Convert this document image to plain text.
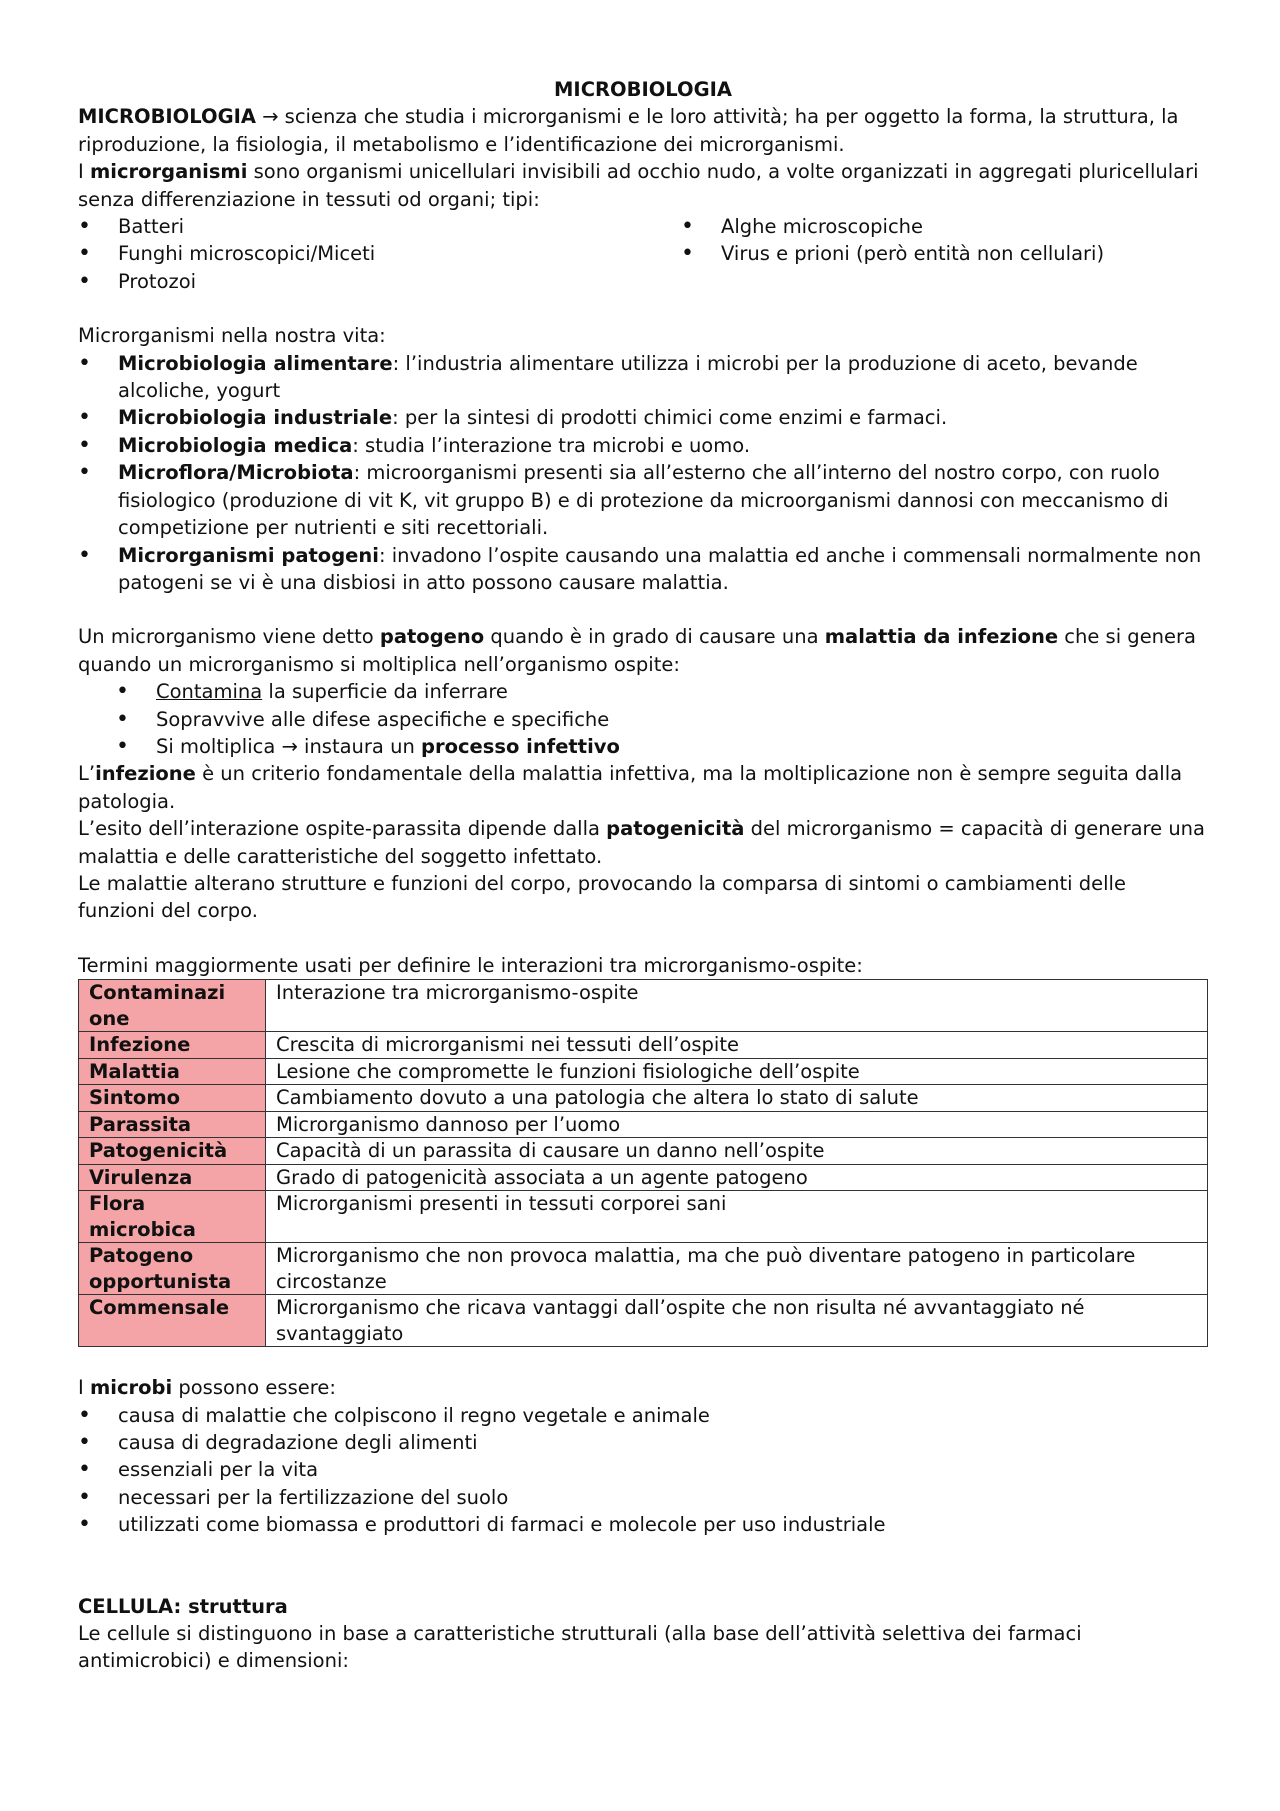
MICROBIOLOGIA

MICROBIOLOGIA → scienza che studia i microrganismi e le loro attività; ha per oggetto la forma, la struttura, la riproduzione, la fisiologia, il metabolismo e l’identificazione dei microrganismi.

I microrganismi sono organismi unicellulari invisibili ad occhio nudo, a volte organizzati in aggregati pluricellulari senza differenziazione in tessuti od organi; tipi:

• Batteri
• Funghi microscopici/Miceti
• Protozoi
• Alghe microscopiche
• Virus e prioni (però entità non cellulari)

Microrganismi nella nostra vita:

• Microbiologia alimentare: l’industria alimentare utilizza i microbi per la produzione di aceto, bevande alcoliche, yogurt
• Microbiologia industriale: per la sintesi di prodotti chimici come enzimi e farmaci.
• Microbiologia medica: studia l’interazione tra microbi e uomo.
• Microflora/Microbiota: microorganismi presenti sia all’esterno che all’interno del nostro corpo, con ruolo fisiologico (produzione di vit K, vit gruppo B) e di protezione da microorganismi dannosi con meccanismo di competizione per nutrienti e siti recettoriali.
• Microrganismi patogeni: invadono l’ospite causando una malattia ed anche i commensali normalmente non patogeni se vi è una disbiosi in atto possono causare malattia.

Un microrganismo viene detto patogeno quando è in grado di causare una malattia da infezione che si genera quando un microrganismo si moltiplica nell’organismo ospite:

• Contamina la superficie da inferrare
• Sopravvive alle difese aspecifiche e specifiche
• Si moltiplica → instaura un processo infettivo

L’infezione è un criterio fondamentale della malattia infettiva, ma la moltiplicazione non è sempre seguita dalla patologia.

L’esito dell’interazione ospite-parassita dipende dalla patogenicità del microrganismo = capacità di generare una malattia e delle caratteristiche del soggetto infettato.

Le malattie alterano strutture e funzioni del corpo, provocando la comparsa di sintomi o cambiamenti delle funzioni del corpo.

Termini maggiormente usati per definire le interazioni tra microrganismo-ospite:

Contaminazi one	Interazione tra microrganismo-ospite
Infezione	Crescita di microrganismi nei tessuti dell’ospite
Malattia	Lesione che compromette le funzioni fisiologiche dell’ospite
Sintomo	Cambiamento dovuto a una patologia che altera lo stato di salute
Parassita	Microrganismo dannoso per l’uomo
Patogenicità	Capacità di un parassita di causare un danno nell’ospite
Virulenza	Grado di patogenicità associata a un agente patogeno
Flora microbica	Microrganismi presenti in tessuti corporei sani
Patogeno opportunista	Microrganismo che non provoca malattia, ma che può diventare patogeno in particolare circostanze
Commensale	Microrganismo che ricava vantaggi dall’ospite che non risulta né avvantaggiato né svantaggiato

I microbi possono essere:

• causa di malattie che colpiscono il regno vegetale e animale
• causa di degradazione degli alimenti
• essenziali per la vita
• necessari per la fertilizzazione del suolo
• utilizzati come biomassa e produttori di farmaci e molecole per uso industriale

CELLULA: struttura

Le cellule si distinguono in base a caratteristiche strutturali (alla base dell’attività selettiva dei farmaci antimicrobici) e dimensioni:
